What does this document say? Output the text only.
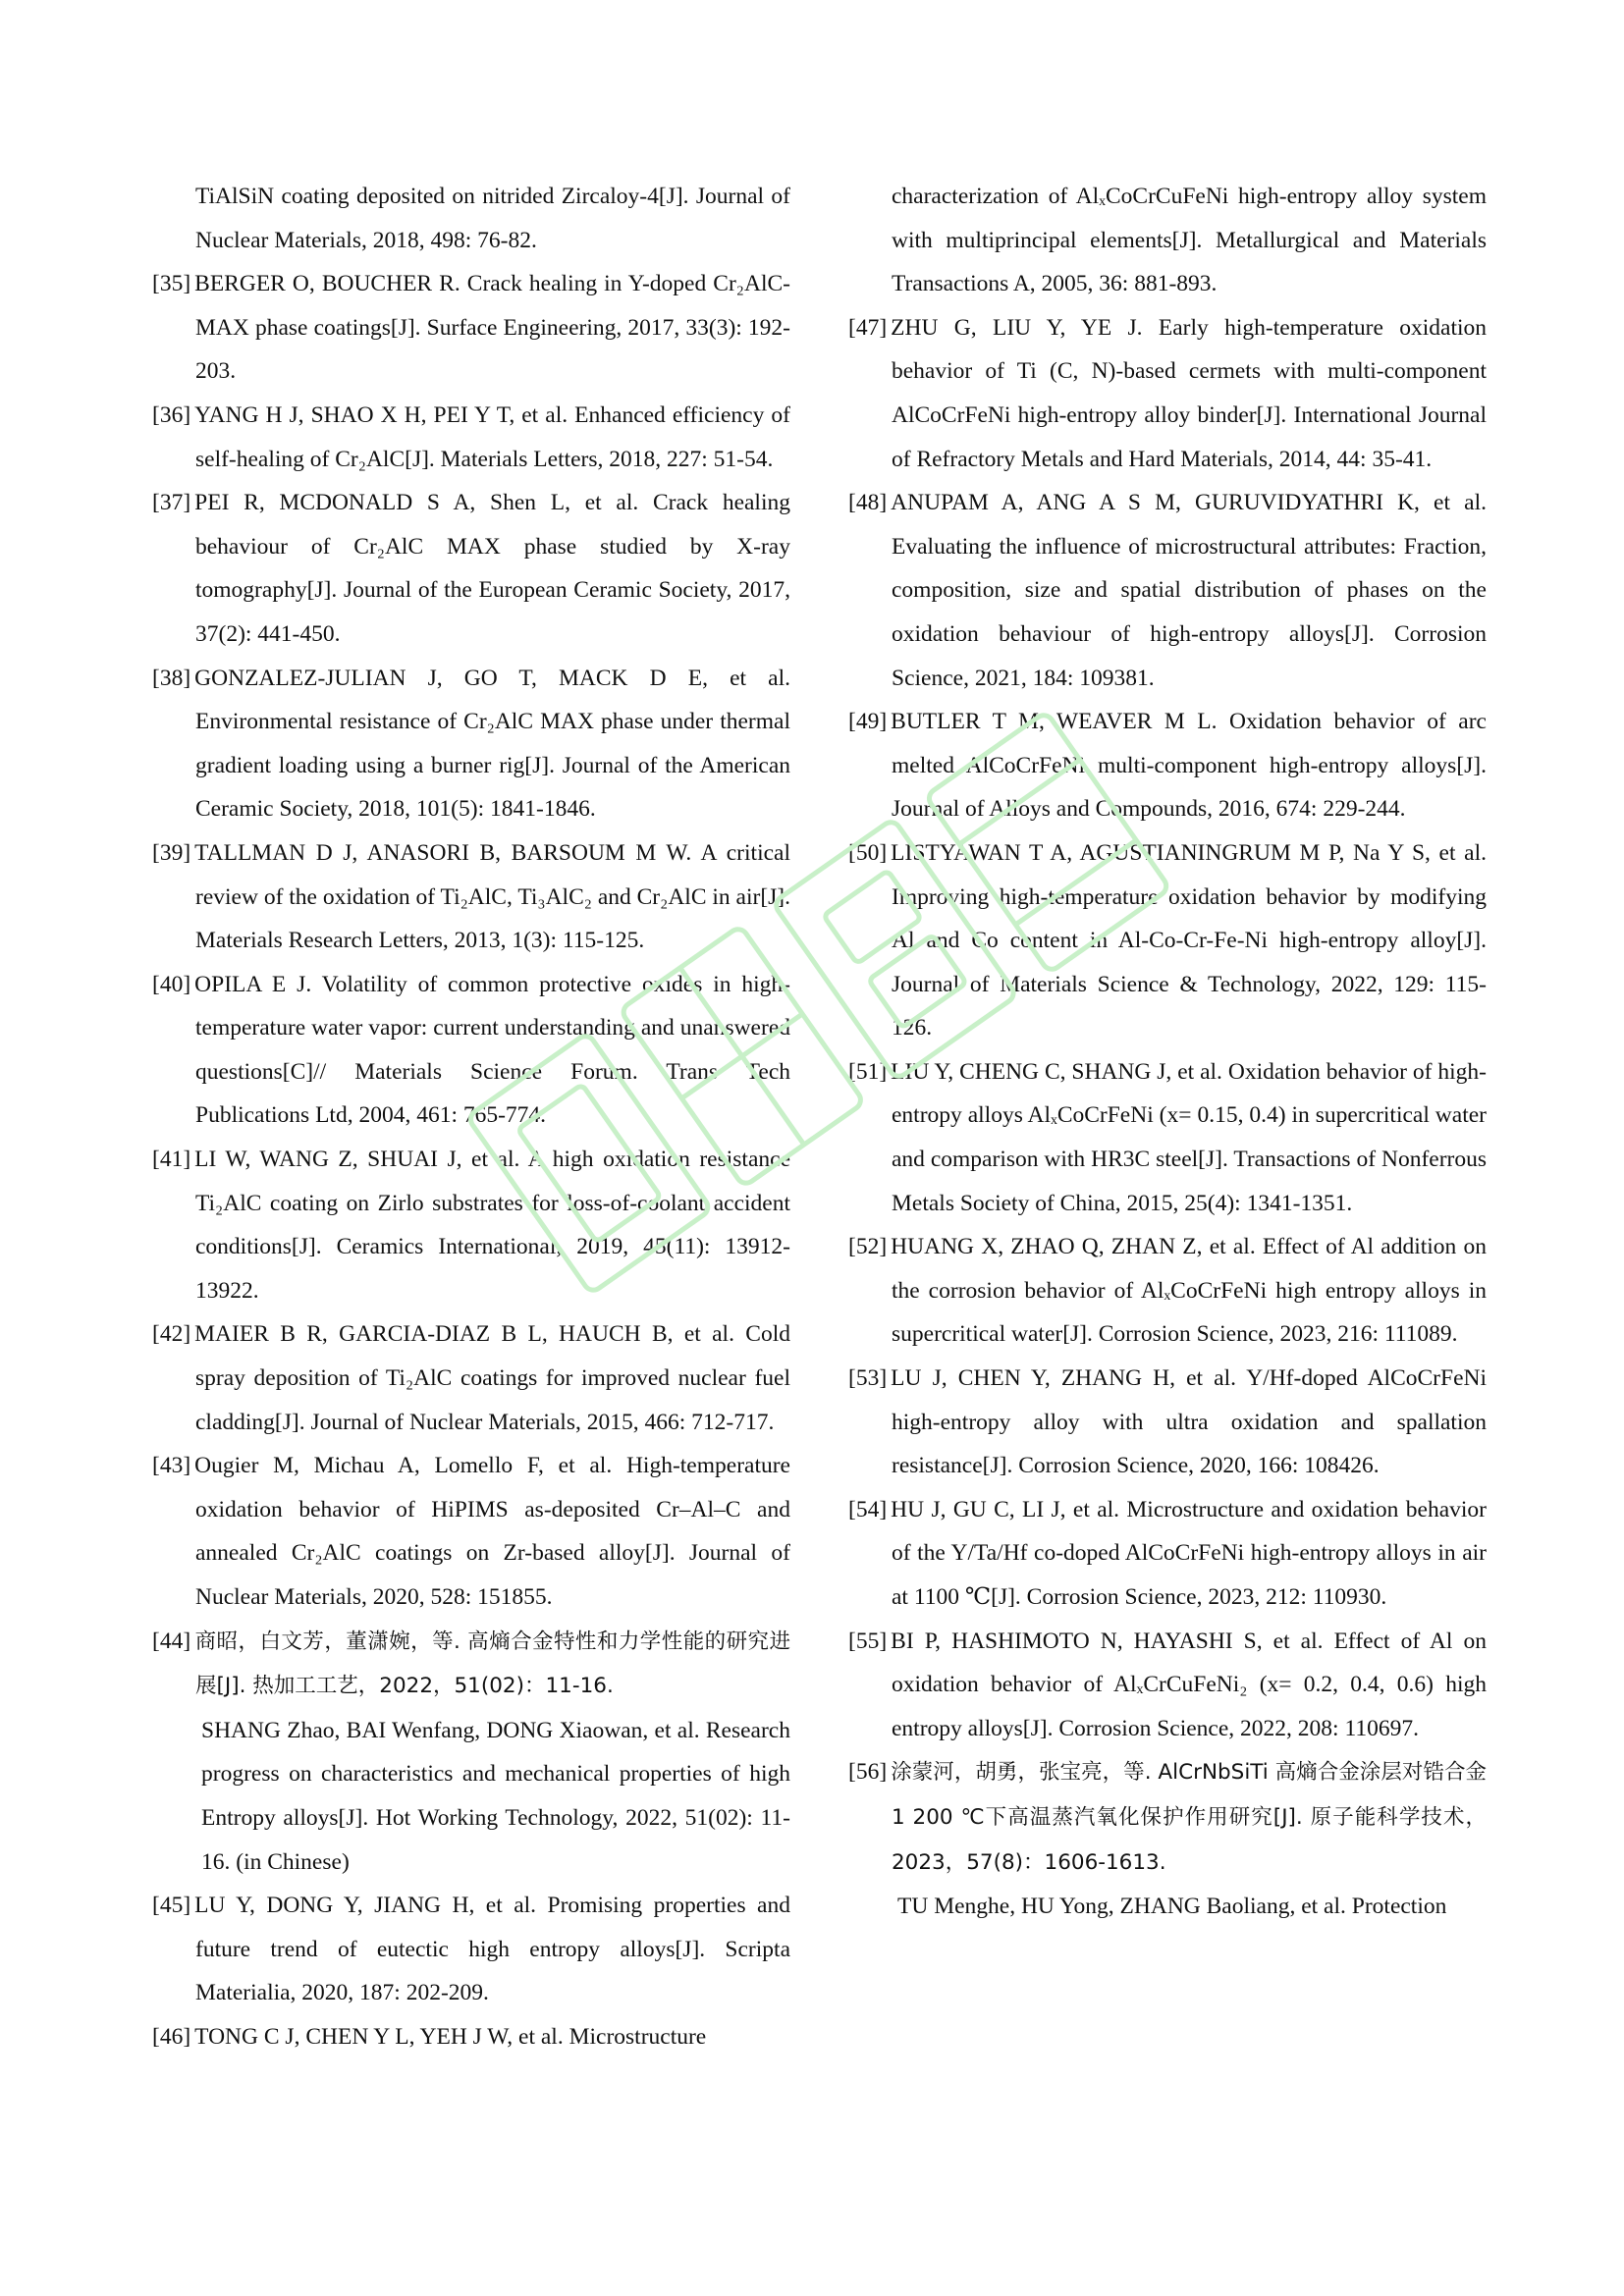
TiAlSiN coating deposited on nitrided Zircaloy-4[J]. Journal of Nuclear Materials, 2018, 498: 76-82.

[35] BERGER O, BOUCHER R. Crack healing in Y-doped Cr₂AlC-MAX phase coatings[J]. Surface Engineering, 2017, 33(3): 192-203.

[36] YANG H J, SHAO X H, PEI Y T, et al. Enhanced efficiency of self-healing of Cr₂AlC[J]. Materials Letters, 2018, 227: 51-54.

[37] PEI R, MCDONALD S A, Shen L, et al. Crack healing behaviour of Cr₂AlC MAX phase studied by X-ray tomography[J]. Journal of the European Ceramic Society, 2017, 37(2): 441-450.

[38] GONZALEZ-JULIAN J, GO T, MACK D E, et al. Environmental resistance of Cr₂AlC MAX phase under thermal gradient loading using a burner rig[J]. Journal of the American Ceramic Society, 2018, 101(5): 1841-1846.

[39] TALLMAN D J, ANASORI B, BARSOUM M W. A critical review of the oxidation of Ti₂AlC, Ti₃AlC₂ and Cr₂AlC in air[J]. Materials Research Letters, 2013, 1(3): 115-125.

[40] OPILA E J. Volatility of common protective oxides in high-temperature water vapor: current understanding and unanswered questions[C]// Materials Science Forum. Trans Tech Publications Ltd, 2004, 461: 765-774.

[41] LI W, WANG Z, SHUAI J, et al. A high oxidation resistance Ti₂AlC coating on Zirlo substrates for loss-of-coolant accident conditions[J]. Ceramics International, 2019, 45(11): 13912-13922.

[42] MAIER B R, GARCIA-DIAZ B L, HAUCH B, et al. Cold spray deposition of Ti₂AlC coatings for improved nuclear fuel cladding[J]. Journal of Nuclear Materials, 2015, 466: 712-717.

[43] Ougier M, Michau A, Lomello F, et al. High-temperature oxidation behavior of HiPIMS as-deposited Cr–Al–C and annealed Cr₂AlC coatings on Zr-based alloy[J]. Journal of Nuclear Materials, 2020, 528: 151855.

[44] 商昭，白文芳，董潇婉，等. 高熵合金特性和力学性能的研究进展[J]. 热加工工艺，2022，51(02)：11-16.
SHANG Zhao, BAI Wenfang, DONG Xiaowan, et al. Research progress on characteristics and mechanical properties of high Entropy alloys[J]. Hot Working Technology, 2022, 51(02): 11-16. (in Chinese)

[45] LU Y, DONG Y, JIANG H, et al. Promising properties and future trend of eutectic high entropy alloys[J]. Scripta Materialia, 2020, 187: 202-209.

[46] TONG C J, CHEN Y L, YEH J W, et al. Microstructure

characterization of AlₓCoCrCuFeNi high-entropy alloy system with multiprincipal elements[J]. Metallurgical and Materials Transactions A, 2005, 36: 881-893.

[47] ZHU G, LIU Y, YE J. Early high-temperature oxidation behavior of Ti (C, N)-based cermets with multi-component AlCoCrFeNi high-entropy alloy binder[J]. International Journal of Refractory Metals and Hard Materials, 2014, 44: 35-41.

[48] ANUPAM A, ANG A S M, GURUVIDYATHRI K, et al. Evaluating the influence of microstructural attributes: Fraction, composition, size and spatial distribution of phases on the oxidation behaviour of high-entropy alloys[J]. Corrosion Science, 2021, 184: 109381.

[49] BUTLER T M, WEAVER M L. Oxidation behavior of arc melted AlCoCrFeNi multi-component high-entropy alloys[J]. Journal of Alloys and Compounds, 2016, 674: 229-244.

[50] LISTYAWAN T A, AGUSTIANINGRUM M P, Na Y S, et al. Improving high-temperature oxidation behavior by modifying Al and Co content in Al-Co-Cr-Fe-Ni high-entropy alloy[J]. Journal of Materials Science & Technology, 2022, 129: 115-126.

[51] LIU Y, CHENG C, SHANG J, et al. Oxidation behavior of high-entropy alloys AlₓCoCrFeNi (x= 0.15, 0.4) in supercritical water and comparison with HR3C steel[J]. Transactions of Nonferrous Metals Society of China, 2015, 25(4): 1341-1351.

[52] HUANG X, ZHAO Q, ZHAN Z, et al. Effect of Al addition on the corrosion behavior of AlₓCoCrFeNi high entropy alloys in supercritical water[J]. Corrosion Science, 2023, 216: 111089.

[53] LU J, CHEN Y, ZHANG H, et al. Y/Hf-doped AlCoCrFeNi high-entropy alloy with ultra oxidation and spallation resistance[J]. Corrosion Science, 2020, 166: 108426.

[54] HU J, GU C, LI J, et al. Microstructure and oxidation behavior of the Y/Ta/Hf co-doped AlCoCrFeNi high-entropy alloys in air at 1100 ℃[J]. Corrosion Science, 2023, 212: 110930.

[55] BI P, HASHIMOTO N, HAYASHI S, et al. Effect of Al on oxidation behavior of AlₓCrCuFeNi₂ (x= 0.2, 0.4, 0.6) high entropy alloys[J]. Corrosion Science, 2022, 208: 110697.

[56] 涂蒙河，胡勇，张宝亮，等. AlCrNbSiTi 高熵合金涂层对锆合金 1 200 ℃下高温蒸汽氧化保护作用研究[J]. 原子能科学技术，2023，57(8)：1606-1613.
TU Menghe, HU Yong, ZHANG Baoliang, et al. Protection
